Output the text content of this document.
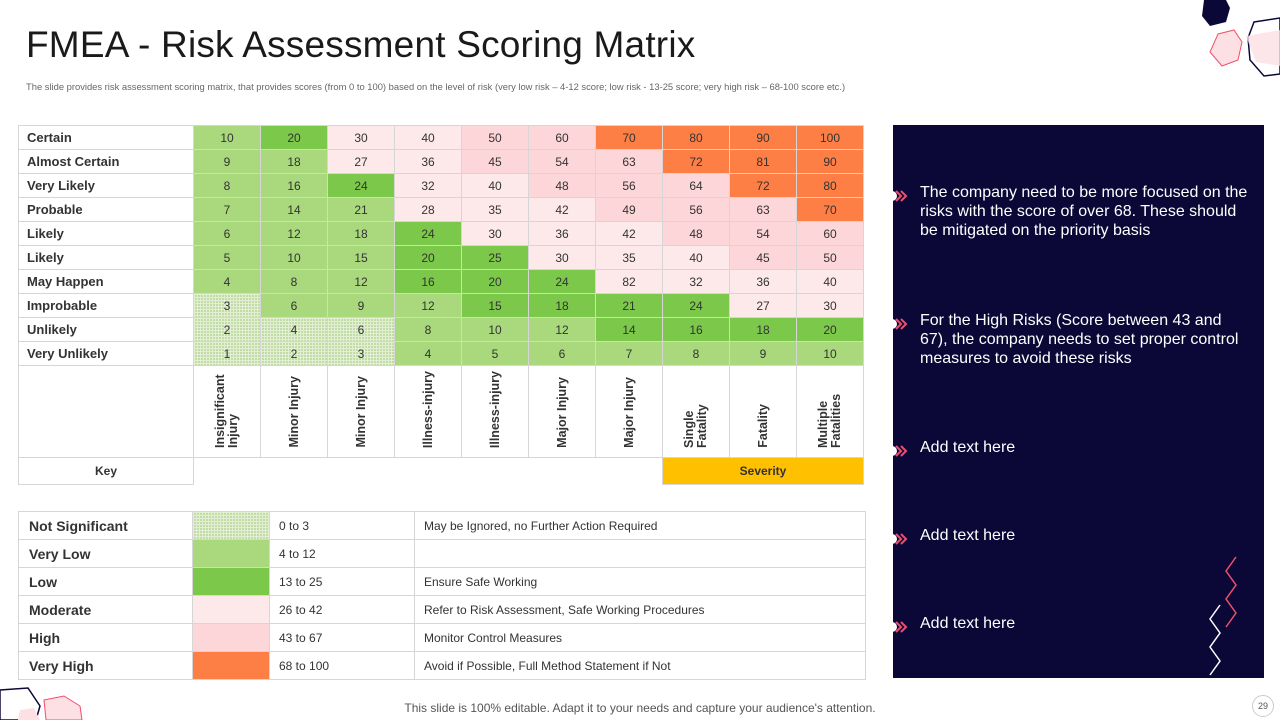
FMEA - Risk Assessment Scoring Matrix
The slide provides risk assessment scoring matrix, that provides scores (from 0 to 100) based on the level of risk (very low risk – 4-12 score; low risk - 13-25 score; very high risk – 68-100 score etc.)
Certain	10	20	30	40	50	60	70	80	90	100
Almost Certain	9	18	27	36	45	54	63	72	81	90
Very Likely	8	16	24	32	40	48	56	64	72	80
Probable	7	14	21	28	35	42	49	56	63	70
Likely	6	12	18	24	30	36	42	48	54	60
Likely	5	10	15	20	25	30	35	40	45	50
May Happen	4	8	12	16	20	24	82	32	36	40
Improbable	3	6	9	12	15	18	21	24	27	30
Unlikely	2	4	6	8	10	12	14	16	18	20
Very Unlikely	1	2	3	4	5	6	7	8	9	10
	Insignificant Injury	Minor Injury	Minor Injury	Illness-injury	Illness-injury	Major Injury	Major Injury	Single Fatality	Fatality	Multiple Fatalities
Key								Severity		
Not Significant		0 to 3	May be Ignored, no Further Action Required
Very Low		4 to 12	
Low		13 to 25	Ensure Safe Working
Moderate		26 to 42	Refer to Risk Assessment, Safe Working Procedures
High		43 to 67	Monitor Control Measures
Very High		68 to 100	Avoid if Possible, Full Method Statement if Not
The company need to be more focused on the risks with the score of over 68. These should be mitigated on the priority basis
For the High Risks (Score between 43 and 67), the company needs to set proper control measures to avoid these risks
Add text here
Add text here
Add text here
This slide is 100% editable. Adapt it to your needs and capture your audience's attention.	29
